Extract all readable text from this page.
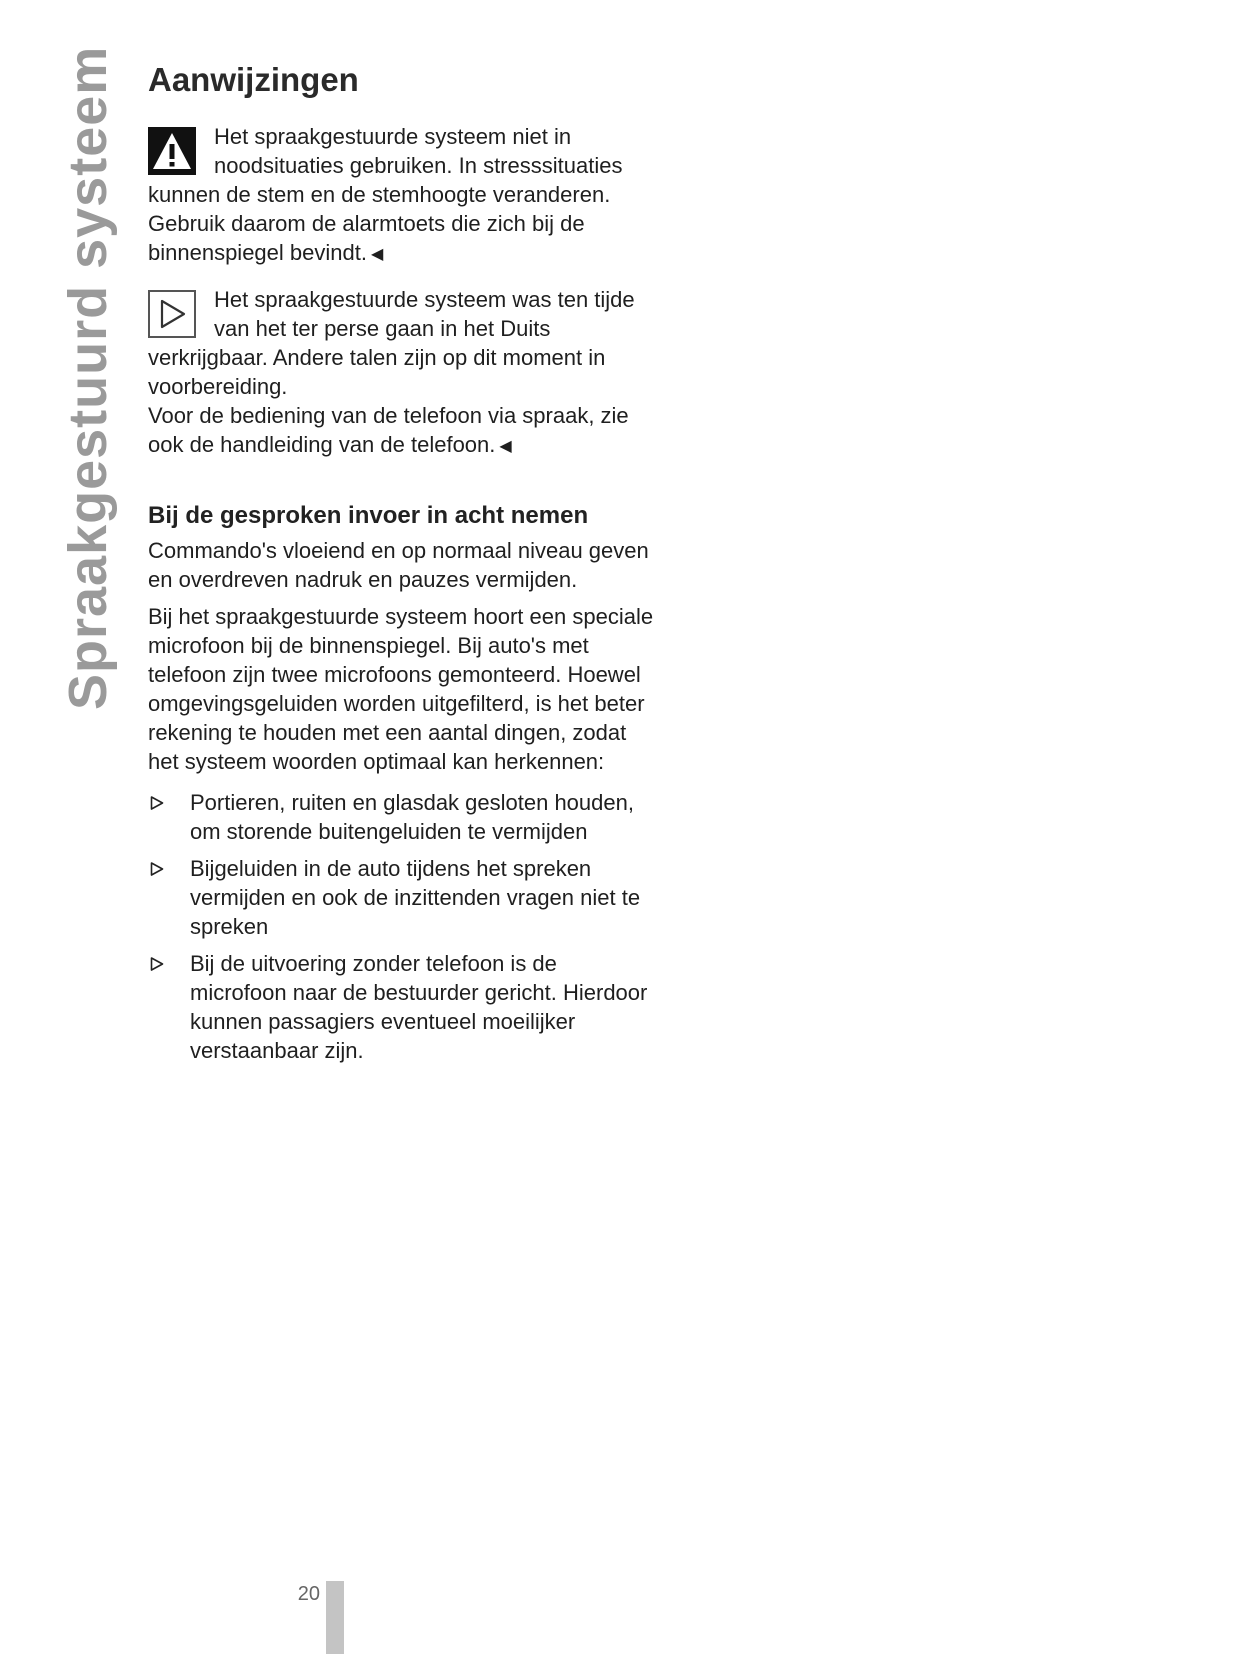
Spraakgestuurd systeem Aanwijzingen

Het spraakgestuurde systeem niet in noodsituaties gebruiken. In stresssituaties kunnen de stem en de stemhoogte veranderen. Gebruik daarom de alarmtoets die zich bij de binnenspiegel bevindt. ◀

Het spraakgestuurde systeem was ten tijde van het ter perse gaan in het Duits verkrijgbaar. Andere talen zijn op dit moment in voorbereiding.

Voor de bediening van de telefoon via spraak, zie ook de handleiding van de telefoon. ◀

Bij de gesproken invoer in acht nemen

Commando's vloeiend en op normaal niveau geven en overdreven nadruk en pauzes vermijden.

Bij het spraakgestuurde systeem hoort een speciale microfoon bij de binnenspiegel. Bij auto's met telefoon zijn twee microfoons gemonteerd. Hoewel omgevingsgeluiden worden uitgefilterd, is het beter rekening te houden met een aantal dingen, zodat het systeem woorden optimaal kan herkennen:

Portieren, ruiten en glasdak gesloten houden, om storende buitengeluiden te vermijden
Bijgeluiden in de auto tijdens het spreken vermijden en ook de inzittenden vragen niet te spreken
Bij de uitvoering zonder telefoon is de microfoon naar de bestuurder gericht. Hierdoor kunnen passagiers eventueel moeilijker verstaanbaar zijn.
20
